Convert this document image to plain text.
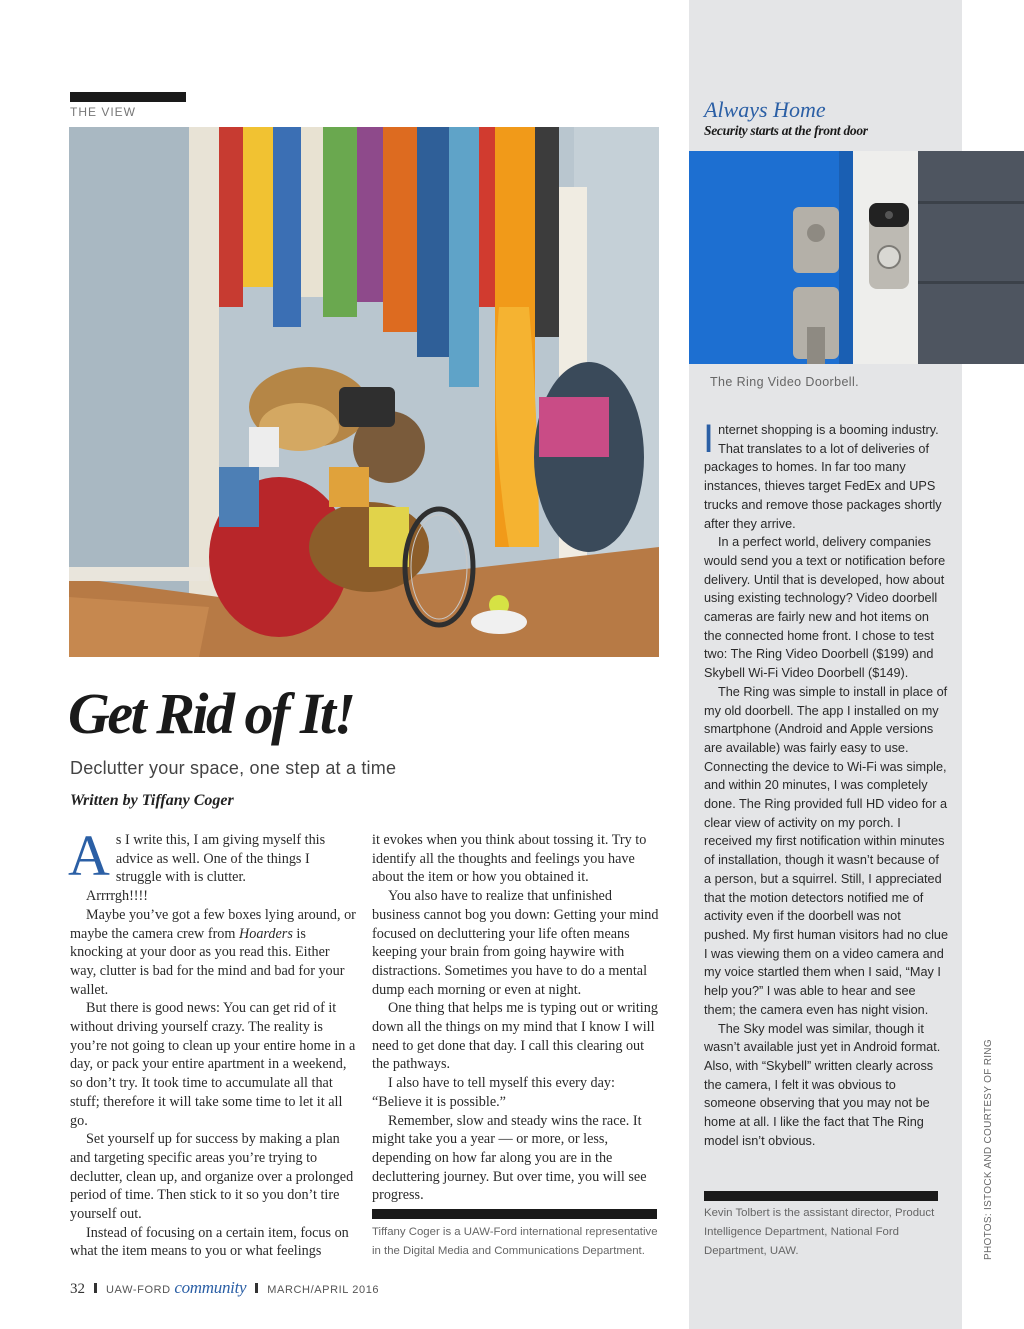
THE VIEW
Get Rid of It!
Declutter your space, one step at a time
Written by Tiffany Coger

As I write this, I am giving myself this advice as well. One of the things I struggle with is clutter.

Arrrrgh!!!!

Maybe you’ve got a few boxes lying around, or maybe the camera crew from Hoarders is knocking at your door as you read this. Either way, clutter is bad for the mind and bad for your wallet.

But there is good news: You can get rid of it without driving yourself crazy. The reality is you’re not going to clean up your entire home in a day, or pack your entire apartment in a weekend, so don’t try. It took time to accumulate all that stuff; therefore it will take some time to let it all go.

Set yourself up for success by making a plan and targeting specific areas you’re trying to declutter, clean up, and organize over a prolonged period of time. Then stick to it so you don’t tire yourself out.

Instead of focusing on a certain item, focus on what the item means to you or what feelings

it evokes when you think about tossing it. Try to identify all the thoughts and feelings you have about the item or how you obtained it.

You also have to realize that unfinished business cannot bog you down: Getting your mind focused on decluttering your life often means keeping your brain from going haywire with distractions. Sometimes you have to do a mental dump each morning or even at night.

One thing that helps me is typing out or writing down all the things on my mind that I know I will need to get done that day. I call this clearing out the pathways.

I also have to tell myself this every day: “Believe it is possible.”

Remember, slow and steady wins the race. It might take you a year — or more, or less, depending on how far along you are in the decluttering journey. But over time, you will see progress.

Tiffany Coger is a UAW-Ford international representative in the Digital Media and Communications Department.
Always Home
Security starts at the front door
The Ring Video Doorbell.

Internet shopping is a booming industry. That translates to a lot of deliveries of packages to homes. In far too many instances, thieves target FedEx and UPS trucks and remove those packages shortly after they arrive.

In a perfect world, delivery companies would send you a text or notification before delivery. Until that is developed, how about using existing technology? Video doorbell cameras are fairly new and hot items on the connected home front. I chose to test two: The Ring Video Doorbell ($199) and Skybell Wi-Fi Video Doorbell ($149).

The Ring was simple to install in place of my old doorbell. The app I installed on my smartphone (Android and Apple versions are available) was fairly easy to use. Connecting the device to Wi-Fi was simple, and within 20 minutes, I was completely done. The Ring provided full HD video for a clear view of activity on my porch. I received my first notification within minutes of installation, though it wasn’t because of a person, but a squirrel. Still, I appreciated that the motion detectors notified me of activity even if the doorbell was not pushed. My first human visitors had no clue I was viewing them on a video camera and my voice startled them when I said, “May I help you?” I was able to hear and see them; the camera even has night vision.

The Sky model was similar, though it wasn’t available just yet in Android format. Also, with “Skybell” written clearly across the camera, I felt it was obvious to someone observing that you may not be home at all. I like the fact that The Ring model isn’t obvious.

Kevin Tolbert is the assistant director, Product Intelligence Department, National Ford Department, UAW.	PHOTOS: ISTOCK AND COURTESY OF RING
32 UAW-FORD community MARCH/APRIL 2016
